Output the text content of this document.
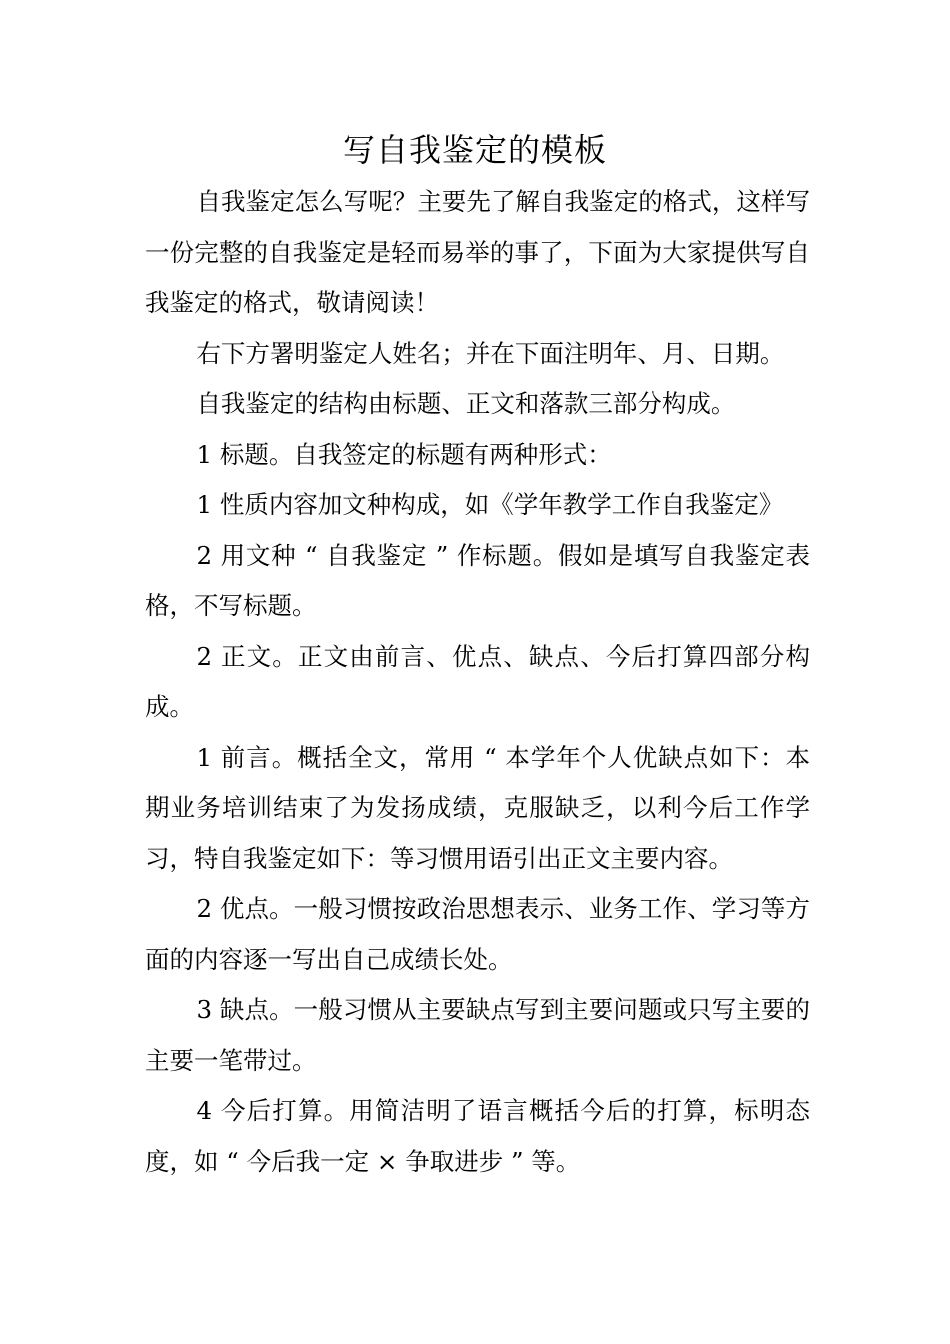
写自我鉴定的模板

自我鉴定怎么写呢？主要先了解自我鉴定的格式，这样写一份完整的自我鉴定是轻而易举的事了，下面为大家提供写自我鉴定的格式，敬请阅读！

右下方署明鉴定人姓名；并在下面注明年、月、日期。

自我鉴定的结构由标题、正文和落款三部分构成。

1 标题。自我签定的标题有两种形式：

1 性质内容加文种构成，如《学年教学工作自我鉴定》

2 用文种 “ 自我鉴定 ” 作标题。假如是填写自我鉴定表格，不写标题。

2 正文。正文由前言、优点、缺点、今后打算四部分构成。

1 前言。概括全文，常用 “ 本学年个人优缺点如下：本期业务培训结束了为发扬成绩，克服缺乏，以利今后工作学习，特自我鉴定如下：等习惯用语引出正文主要内容。

2 优点。一般习惯按政治思想表示、业务工作、学习等方面的内容逐一写出自己成绩长处。

3 缺点。一般习惯从主要缺点写到主要问题或只写主要的主要一笔带过。

4 今后打算。用简洁明了语言概括今后的打算，标明态度，如 “ 今后我一定 × 争取进步 ” 等。
